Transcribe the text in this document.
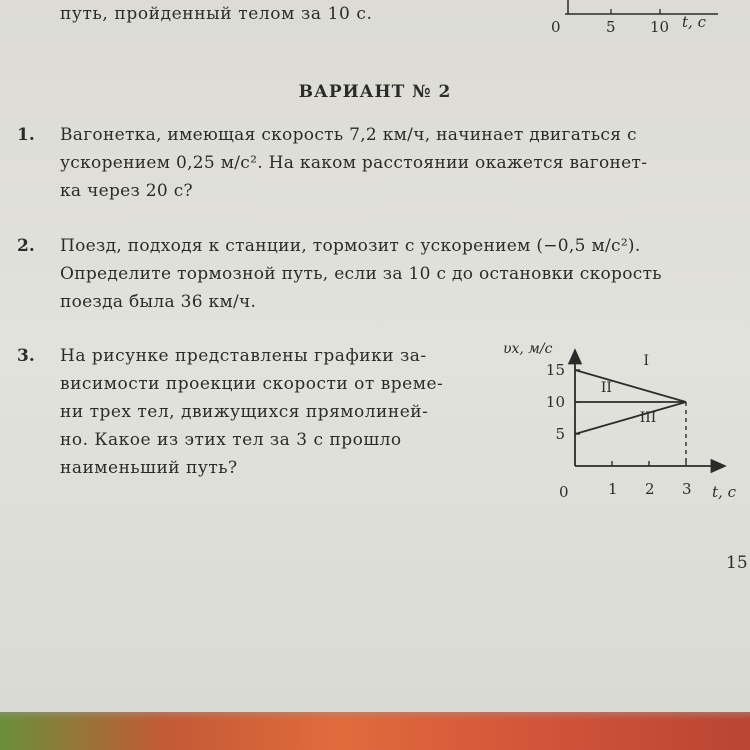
путь, пройденный телом за 10 с.
0	5 10 t, с
ВАРИАНТ № 2
1. Вагонетка, имеющая скорость 7,2 км/ч, начинает двигаться с
ускорением 0,25 м/с². На каком расстоянии окажется вагонет-
ка через 20 с?
2. Поезд, подходя к станции, тормозит с ускорением (−0,5 м/с²).
Определите тормозной путь, если за 10 с до остановки скорость
поезда была 36 км/ч.
3. На рисунке представлены графики за-
висимости проекции скорости от време-
ни трех тел, движущихся прямолиней-
но. Какое из этих тел за 3 с прошло
наименьший путь?
υx, м/с
t, с
0	1 2 3
5
10
15
I
II
III
15
